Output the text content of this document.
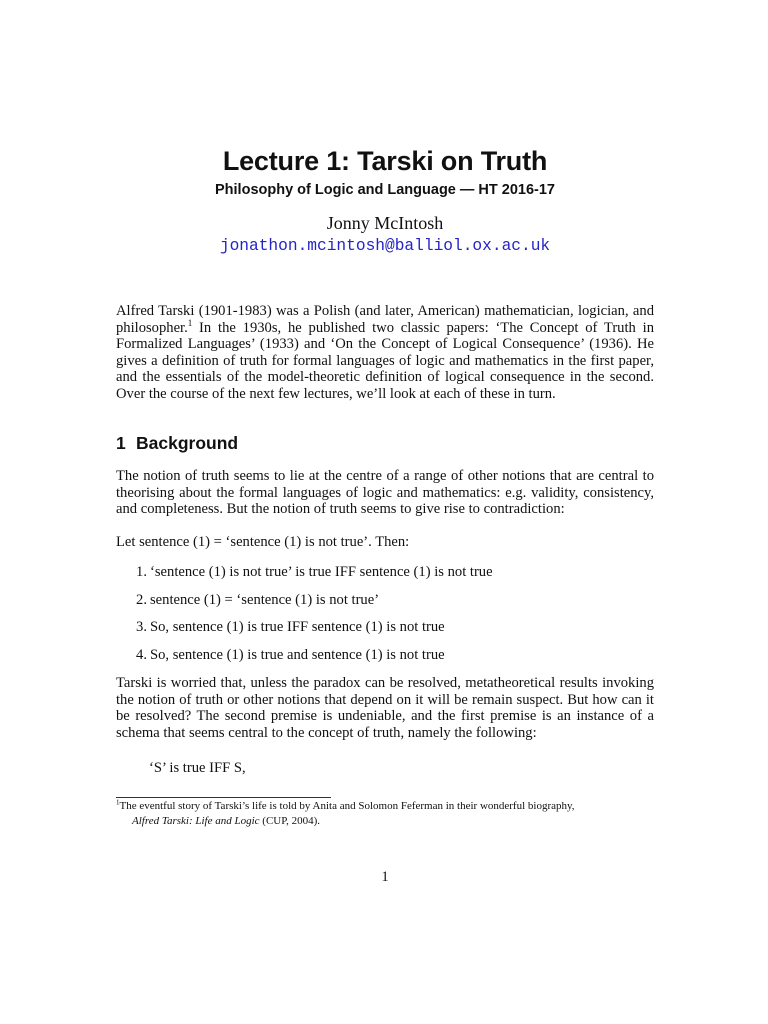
Lecture 1: Tarski on Truth
Philosophy of Logic and Language — HT 2016-17
Jonny McIntosh
jonathon.mcintosh@balliol.ox.ac.uk

Alfred Tarski (1901-1983) was a Polish (and later, American) mathematician, logician, and philosopher.$^1$ In the 1930s, he published two classic papers: ‘The Concept of Truth in Formalized Languages’ (1933) and ‘On the Concept of Logical Consequence’ (1936). He gives a definition of truth for formal languages of logic and mathematics in the first paper, and the essentials of the model-theoretic definition of logical consequence in the second. Over the course of the next few lectures, we’ll look at each of these in turn.

1 Background

The notion of truth seems to lie at the centre of a range of other notions that are central to theorising about the formal languages of logic and mathematics: e.g. validity, consistency, and completeness. But the notion of truth seems to give rise to contradiction:

Let sentence (1) = ‘sentence (1) is not true’. Then:

1. ‘sentence (1) is not true’ is true IFF sentence (1) is not true
2. sentence (1) = ‘sentence (1) is not true’
3. So, sentence (1) is true IFF sentence (1) is not true
4. So, sentence (1) is true and sentence (1) is not true

Tarski is worried that, unless the paradox can be resolved, metatheoretical results invoking the notion of truth or other notions that depend on it will be remain suspect. But how can it be resolved? The second premise is undeniable, and the first premise is an instance of a schema that seems central to the concept of truth, namely the following:

‘S’ is true IFF S,
$^1$The eventful story of Tarski’s life is told by Anita and Solomon Feferman in their wonderful biography,
Alfred Tarski: Life and Logic (CUP, 2004).
1
